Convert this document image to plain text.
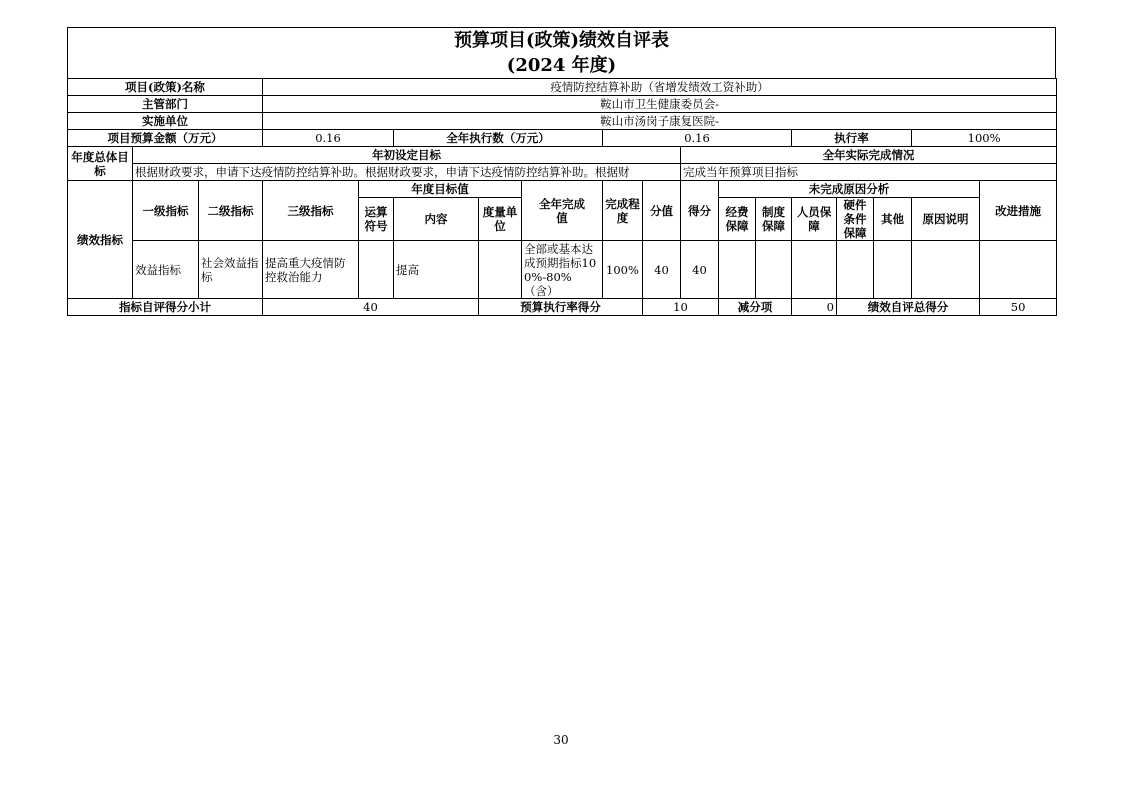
预算项目(政策)绩效自评表
(2024 年度)
项目(政策)名称			疫情防控结算补助（省增发绩效工资补助）														
主管部门			鞍山市卫生健康委员会-														
实施单位			鞍山市汤岗子康复医院-														
项目预算金额（万元）			0.16		全年执行数（万元）			0.16					执行率			100%	
年度总体目标	年初设定目标									全年实际完成情况							
	根据财政要求，申请下达疫情防控结算补助。根据财政要求，申请下达疫情防控结算补助。根据财									完成当年预算项目指标							
绩效指标	一级指标	二级指标	三级指标	年度目标值			全年完成值	完成程度	分值	得分	未完成原因分析						改进措施
				运算符号	内容	度量单位					经费保障	制度保障	人员保障	硬件条件保障	其他	原因说明	
	效益指标	社会效益指标	提高重大疫情防控救治能力		提高		全部或基本达成预期指标100%-80%（含）	100%	40	40							
指标自评得分小计			40			预算执行率得分			10		减分项		0	绩效自评总得分			50
30
